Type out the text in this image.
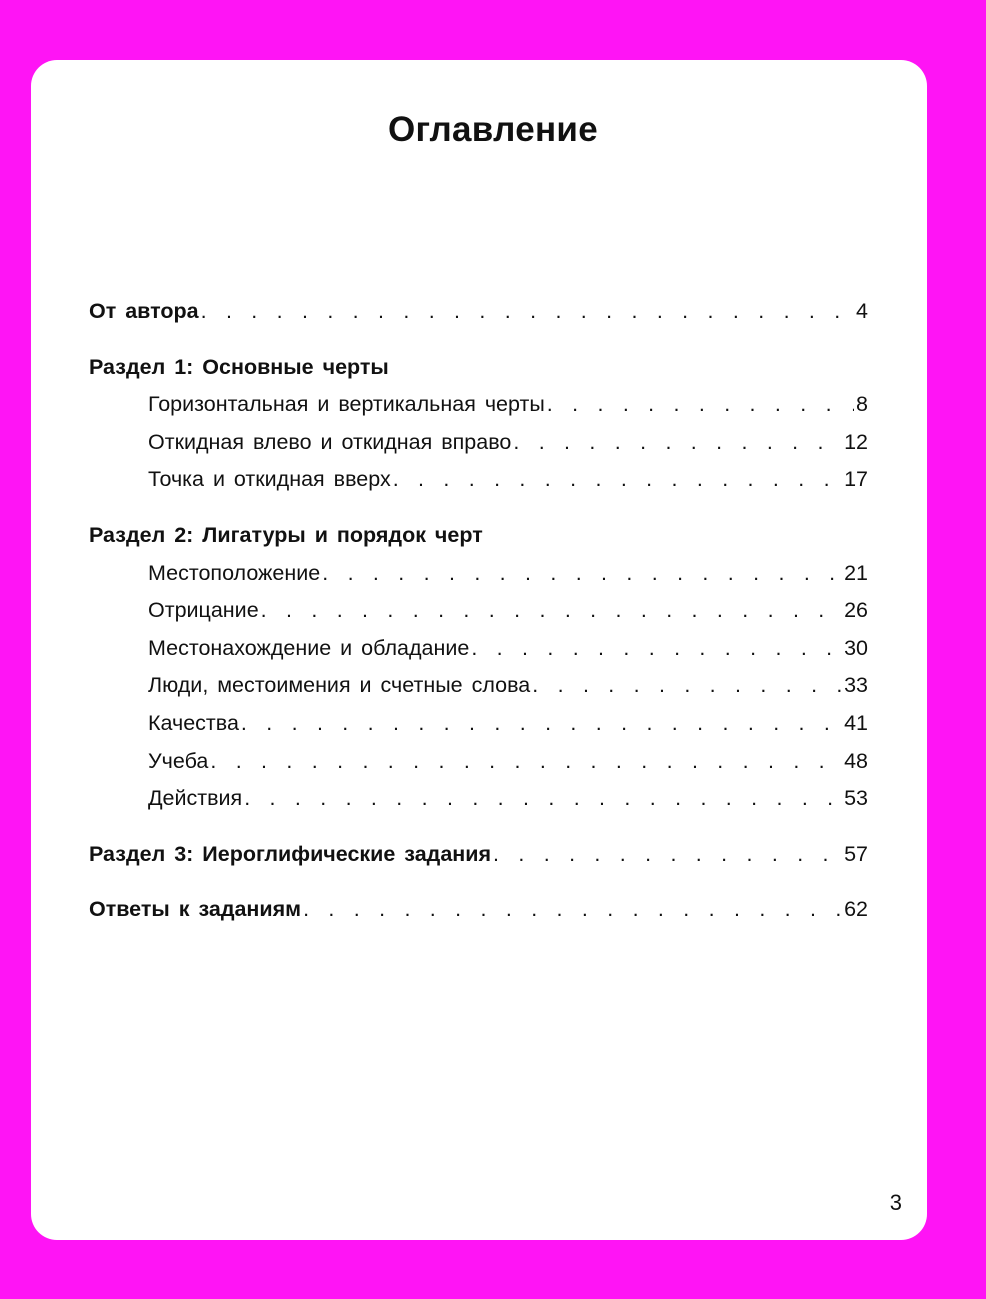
Оглавление
От автора . . .	4
Раздел 1: Основные черты
Горизонтальная и вертикальная черты . . .	8
Откидная влево и откидная вправо . . .	12
Точка и откидная вверх . . .	17
Раздел 2: Лигатуры и порядок черт
Местоположение . . .	21
Отрицание . . .	26
Местонахождение и обладание . . .	30
Люди, местоимения и счетные слова . . .	33
Качества . . .	41
Учеба . . .	48
Действия . . .	53
Раздел 3: Иероглифические задания . . .	57
Ответы к заданиям . . .	62
3
